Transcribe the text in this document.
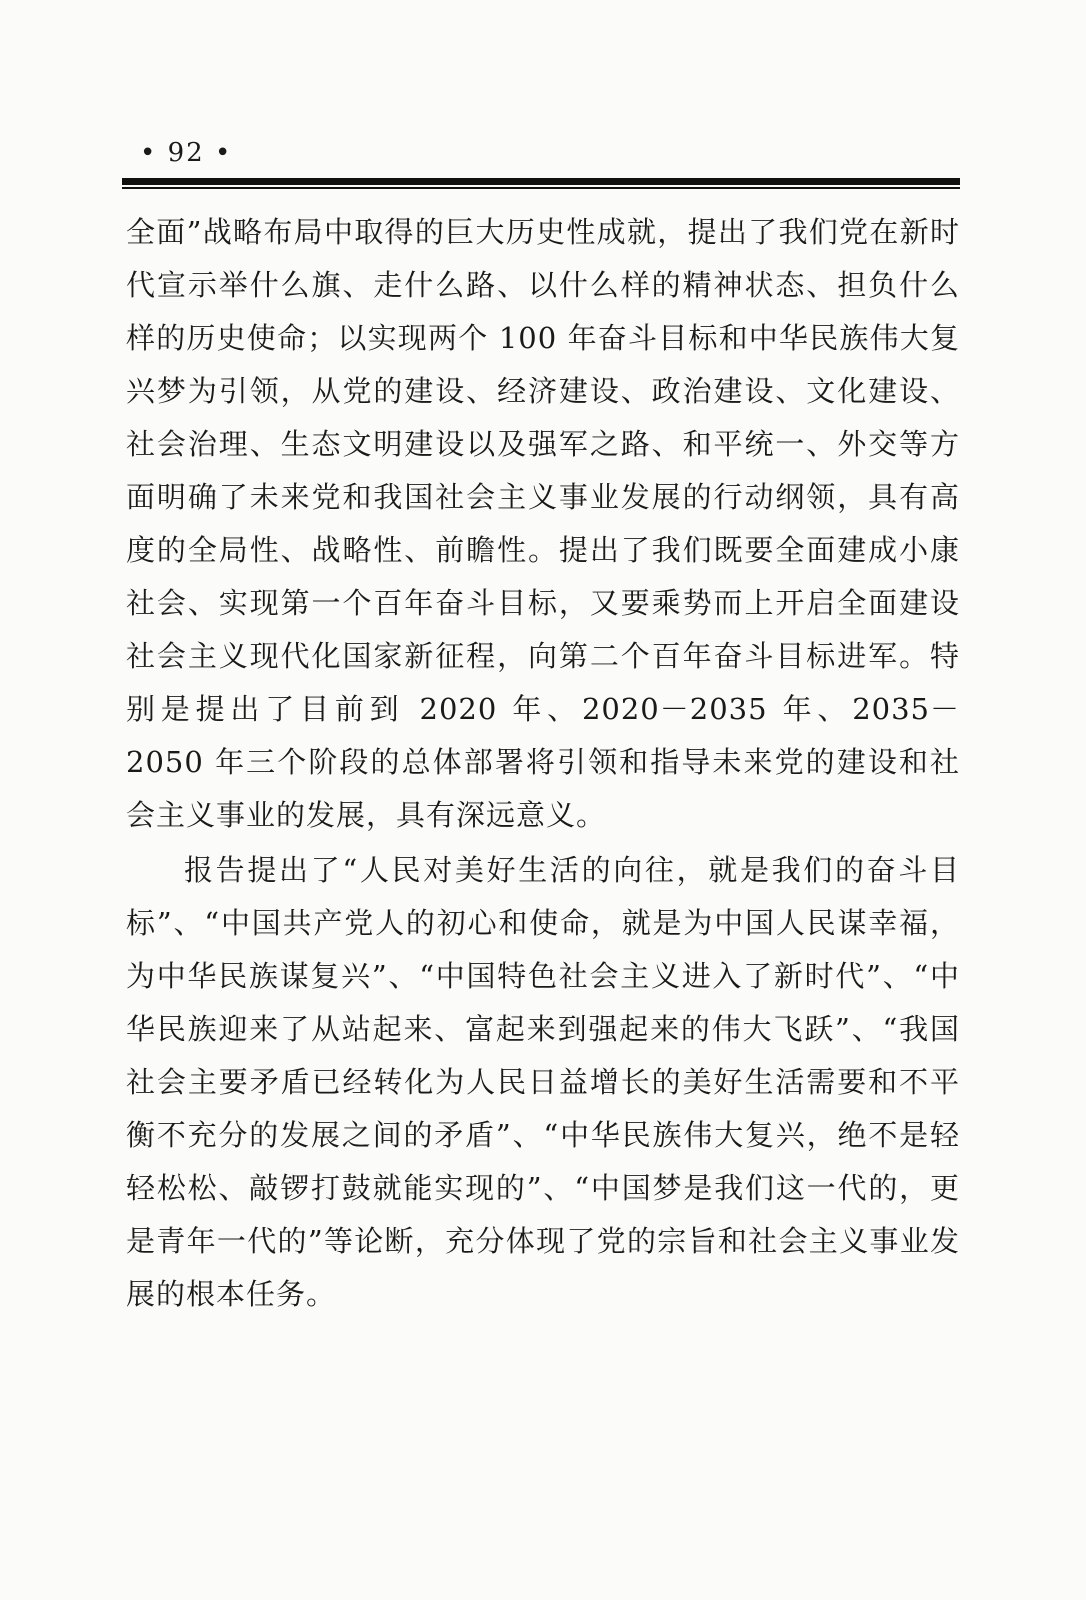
• 92 •

全面”战略布局中取得的巨大历史性成就，提出了我们党在新时代宣示举什么旗、走什么路、以什么样的精神状态、担负什么样的历史使命；以实现两个 100 年奋斗目标和中华民族伟大复兴梦为引领，从党的建设、经济建设、政治建设、文化建设、社会治理、生态文明建设以及强军之路、和平统一、外交等方面明确了未来党和我国社会主义事业发展的行动纲领，具有高度的全局性、战略性、前瞻性。提出了我们既要全面建成小康社会、实现第一个百年奋斗目标，又要乘势而上开启全面建设社会主义现代化国家新征程，向第二个百年奋斗目标进军。特别是提出了目前到 2020 年、2020－2035 年、2035－2050 年三个阶段的总体部署将引领和指导未来党的建设和社会主义事业的发展，具有深远意义。

报告提出了“人民对美好生活的向往，就是我们的奋斗目标”、“中国共产党人的初心和使命，就是为中国人民谋幸福，为中华民族谋复兴”、“中国特色社会主义进入了新时代”、“中华民族迎来了从站起来、富起来到强起来的伟大飞跃”、“我国社会主要矛盾已经转化为人民日益增长的美好生活需要和不平衡不充分的发展之间的矛盾”、“中华民族伟大复兴，绝不是轻轻松松、敲锣打鼓就能实现的”、“中国梦是我们这一代的，更是青年一代的”等论断，充分体现了党的宗旨和社会主义事业发展的根本任务。
